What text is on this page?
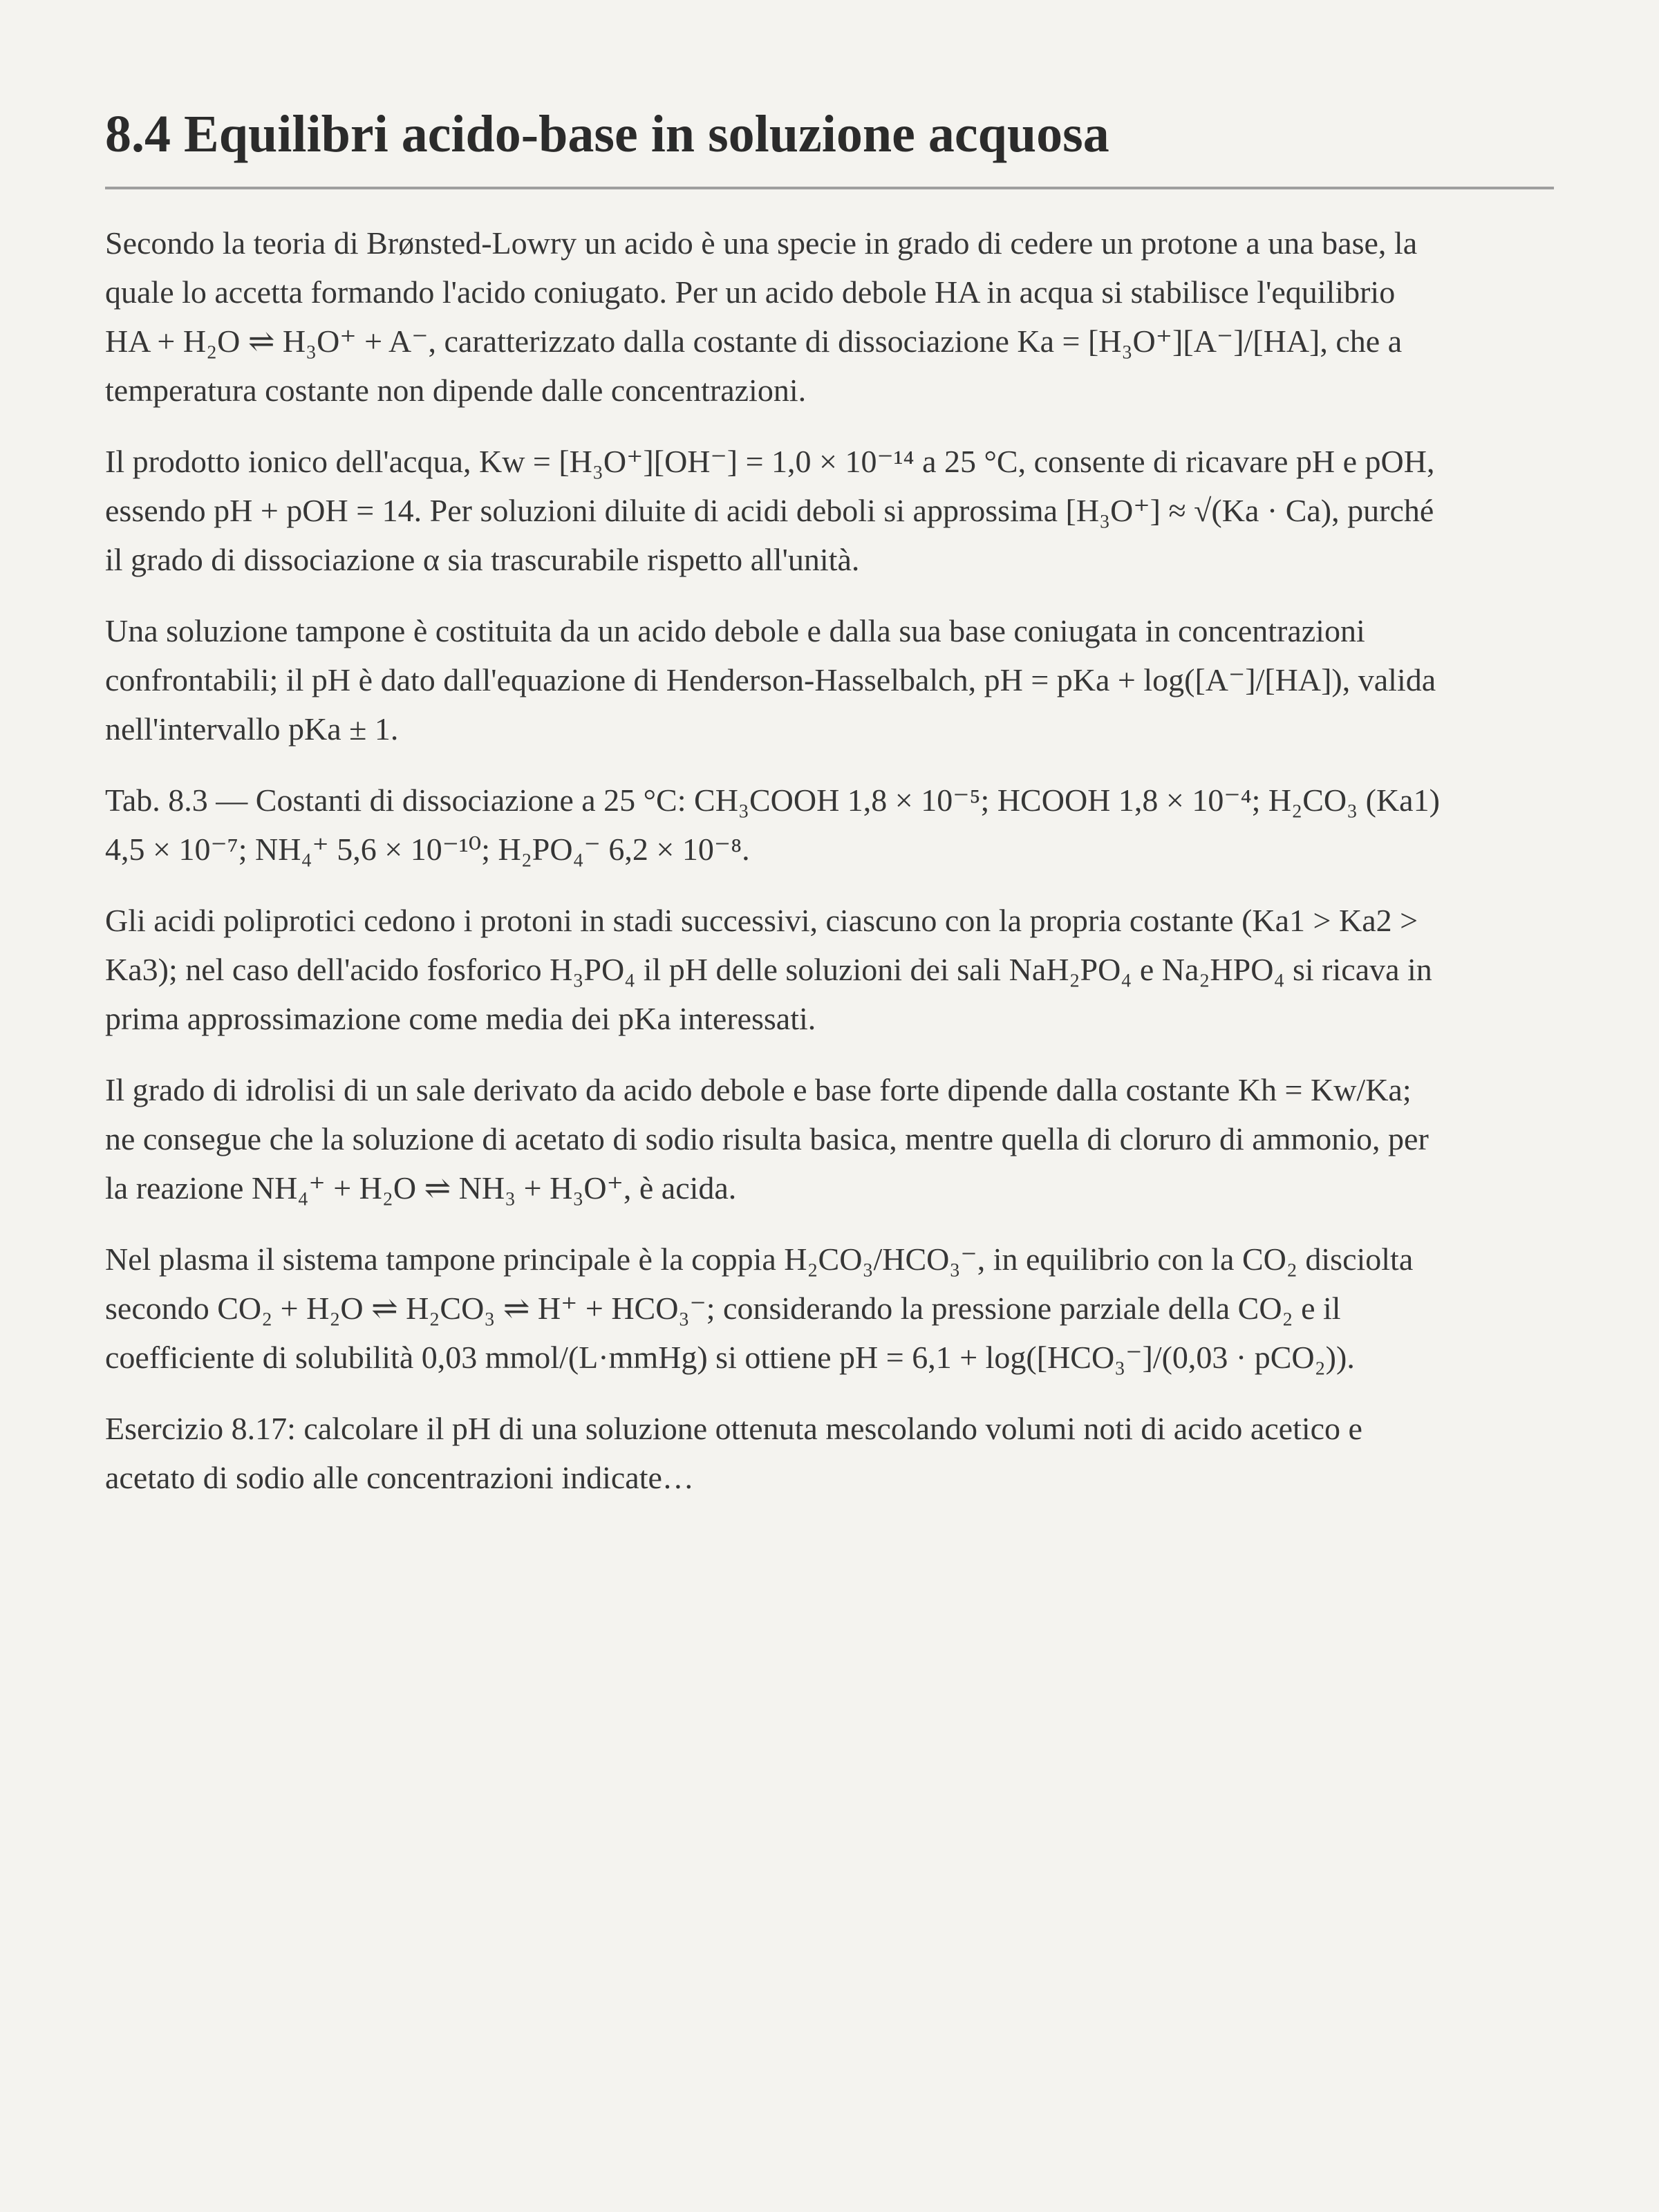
8.4 Equilibri acido-base in soluzione acquosa

Secondo la teoria di Brønsted-Lowry un acido è una specie in grado di cedere un protone a una base, la
quale lo accetta formando l'acido coniugato. Per un acido debole HA in acqua si stabilisce l'equilibrio
HA + H₂O ⇌ H₃O⁺ + A⁻, caratterizzato dalla costante di dissociazione Ka = [H₃O⁺][A⁻]/[HA], che a
temperatura costante non dipende dalle concentrazioni.

Il prodotto ionico dell'acqua, Kw = [H₃O⁺][OH⁻] = 1,0 × 10⁻¹⁴ a 25 °C, consente di ricavare pH e pOH,
essendo pH + pOH = 14. Per soluzioni diluite di acidi deboli si approssima [H₃O⁺] ≈ √(Ka · Ca), purché
il grado di dissociazione α sia trascurabile rispetto all'unità.

Una soluzione tampone è costituita da un acido debole e dalla sua base coniugata in concentrazioni
confrontabili; il pH è dato dall'equazione di Henderson-Hasselbalch, pH = pKa + log([A⁻]/[HA]), valida
nell'intervallo pKa ± 1.

Tab. 8.3 — Costanti di dissociazione a 25 °C: CH₃COOH 1,8 × 10⁻⁵; HCOOH 1,8 × 10⁻⁴; H₂CO₃ (Ka1)
4,5 × 10⁻⁷; NH₄⁺ 5,6 × 10⁻¹⁰; H₂PO₄⁻ 6,2 × 10⁻⁸.

Gli acidi poliprotici cedono i protoni in stadi successivi, ciascuno con la propria costante (Ka1 > Ka2 >
Ka3); nel caso dell'acido fosforico H₃PO₄ il pH delle soluzioni dei sali NaH₂PO₄ e Na₂HPO₄ si ricava in
prima approssimazione come media dei pKa interessati.

Il grado di idrolisi di un sale derivato da acido debole e base forte dipende dalla costante Kh = Kw/Ka;
ne consegue che la soluzione di acetato di sodio risulta basica, mentre quella di cloruro di ammonio, per
la reazione NH₄⁺ + H₂O ⇌ NH₃ + H₃O⁺, è acida.

Nel plasma il sistema tampone principale è la coppia H₂CO₃/HCO₃⁻, in equilibrio con la CO₂ disciolta
secondo CO₂ + H₂O ⇌ H₂CO₃ ⇌ H⁺ + HCO₃⁻; considerando la pressione parziale della CO₂ e il
coefficiente di solubilità 0,03 mmol/(L·mmHg) si ottiene pH = 6,1 + log([HCO₃⁻]/(0,03 · pCO₂)).

Esercizio 8.17: calcolare il pH di una soluzione ottenuta mescolando volumi noti di acido acetico e
acetato di sodio alle concentrazioni indicate…
